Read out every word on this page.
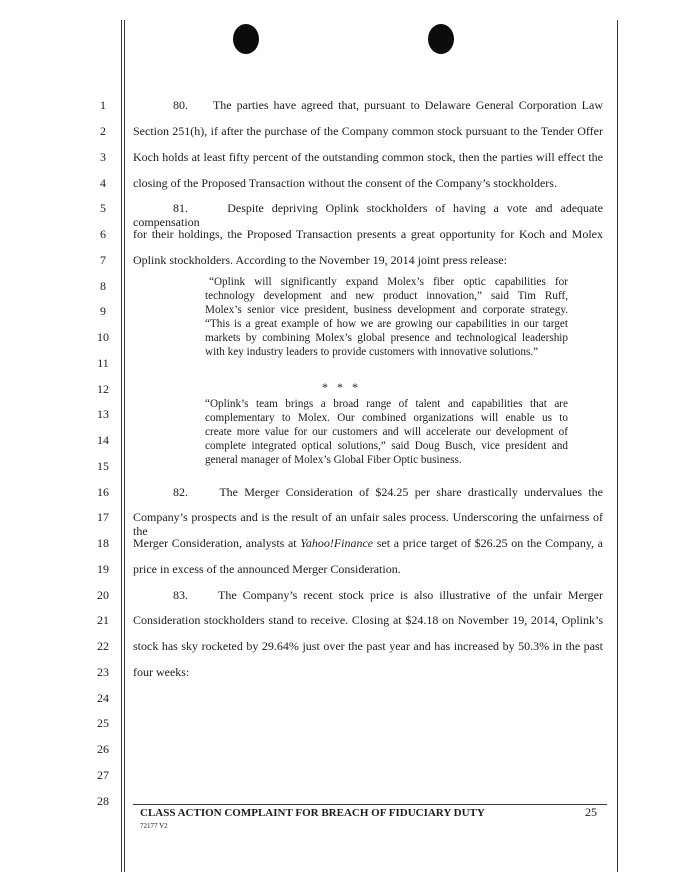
1
2
3
4
5
6
7
8
9
10
11
12
13
14
15
16
17
18
19
20
21
22
23
24
25
26
27
28
80. The parties have agreed that, pursuant to Delaware General Corporation Law
Section 251(h), if after the purchase of the Company common stock pursuant to the Tender Offer
Koch holds at least fifty percent of the outstanding common stock, then the parties will effect the
closing of the Proposed Transaction without the consent of the Company’s stockholders.
81.	Despite depriving Oplink stockholders of having a vote and adequate compensation
for their holdings, the Proposed Transaction presents a great opportunity for Koch and Molex
Oplink stockholders. According to the November 19, 2014 joint press release:
“Oplink will significantly expand Molex’s fiber optic capabilities for
technology development and new product innovation,” said Tim Ruff,
Molex’s senior vice president, business development and corporate strategy.
“This is a great example of how we are growing our capabilities in our target
markets by combining Molex’s global presence and technological leadership
with key industry leaders to provide customers with innovative solutions.”
*   *   *
“Oplink’s team brings a broad range of talent and capabilities that are
complementary to Molex. Our combined organizations will enable us to
create more value for our customers and will accelerate our development of
complete integrated optical solutions,” said Doug Busch, vice president and
general manager of Molex’s Global Fiber Optic business.
82.	The Merger Consideration of $24.25 per share drastically undervalues the
Company’s prospects and is the result of an unfair sales process. Underscoring the unfairness of the
Merger Consideration, analysts at Yahoo!Finance set a price target of $26.25 on the Company, a
price in excess of the announced Merger Consideration.
83.	The Company’s recent stock price is also illustrative of the unfair Merger
Consideration stockholders stand to receive. Closing at $24.18 on November 19, 2014, Oplink’s
stock has sky rocketed by 29.64% just over the past year and has increased by 50.3% in the past
four weeks:
CLASS ACTION COMPLAINT FOR BREACH OF FIDUCIARY DUTY
72177 V2
25
